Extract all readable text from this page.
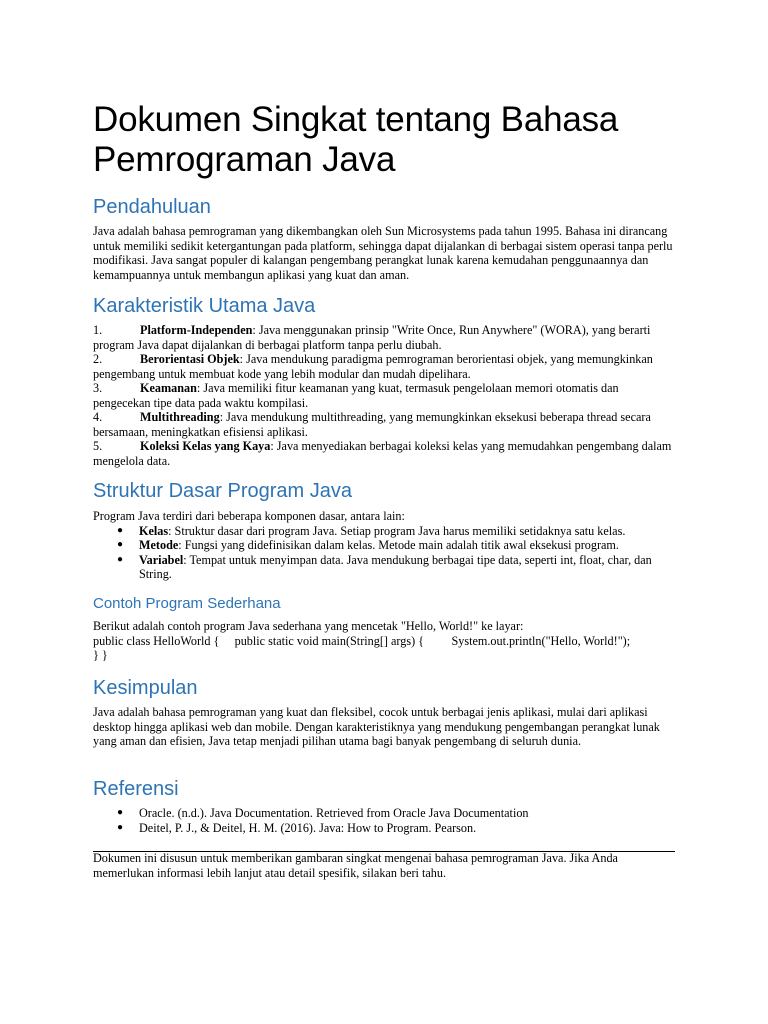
Dokumen Singkat tentang Bahasa Pemrograman Java
Pendahuluan

Java adalah bahasa pemrograman yang dikembangkan oleh Sun Microsystems pada tahun 1995. Bahasa ini dirancang untuk memiliki sedikit ketergantungan pada platform, sehingga dapat dijalankan di berbagai sistem operasi tanpa perlu modifikasi. Java sangat populer di kalangan pengembang perangkat lunak karena kemudahan penggunaannya dan kemampuannya untuk membangun aplikasi yang kuat dan aman.

Karakteristik Utama Java
1.	Platform-Independen: Java menggunakan prinsip "Write Once, Run Anywhere" (WORA), yang berarti program Java dapat dijalankan di berbagai platform tanpa perlu diubah.
2.	Berorientasi Objek: Java mendukung paradigma pemrograman berorientasi objek, yang memungkinkan pengembang untuk membuat kode yang lebih modular dan mudah dipelihara.
3.	Keamanan: Java memiliki fitur keamanan yang kuat, termasuk pengelolaan memori otomatis dan pengecekan tipe data pada waktu kompilasi.
4.	Multithreading: Java mendukung multithreading, yang memungkinkan eksekusi beberapa thread secara bersamaan, meningkatkan efisiensi aplikasi.
5.	Koleksi Kelas yang Kaya: Java menyediakan berbagai koleksi kelas yang memudahkan pengembang dalam mengelola data.
Struktur Dasar Program Java

Program Java terdiri dari beberapa komponen dasar, antara lain:

● Kelas: Struktur dasar dari program Java. Setiap program Java harus memiliki setidaknya satu kelas.
● Metode: Fungsi yang didefinisikan dalam kelas. Metode main adalah titik awal eksekusi program.
● Variabel: Tempat untuk menyimpan data. Java mendukung berbagai tipe data, seperti int, float, char, dan String.
Contoh Program Sederhana

Berikut adalah contoh program Java sederhana yang mencetak "Hello, World!" ke layar:

public class HelloWorld {     public static void main(String[] args) {         System.out.println("Hello, World!");

} }

Kesimpulan

Java adalah bahasa pemrograman yang kuat dan fleksibel, cocok untuk berbagai jenis aplikasi, mulai dari aplikasi desktop hingga aplikasi web dan mobile. Dengan karakteristiknya yang mendukung pengembangan perangkat lunak yang aman dan efisien, Java tetap menjadi pilihan utama bagi banyak pengembang di seluruh dunia.

Referensi
● Oracle. (n.d.). Java Documentation. Retrieved from Oracle Java Documentation
● Deitel, P. J., & Deitel, H. M. (2016). Java: How to Program. Pearson.

Dokumen ini disusun untuk memberikan gambaran singkat mengenai bahasa pemrograman Java. Jika Anda memerlukan informasi lebih lanjut atau detail spesifik, silakan beri tahu.
